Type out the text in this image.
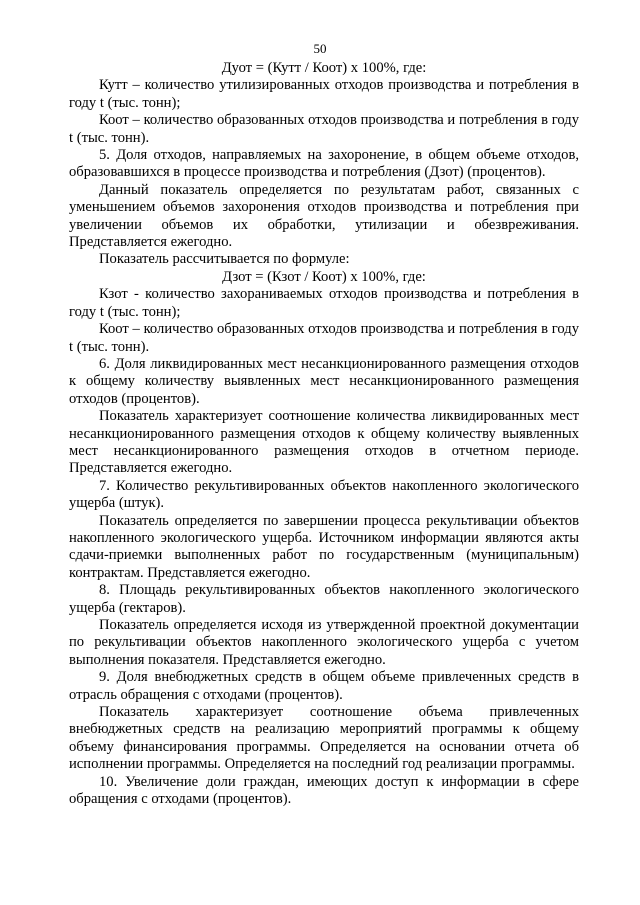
50

Дуот = (Кутт / Коот) x 100%, где:

Кутт – количество утилизированных отходов производства и потребления в году t (тыс. тонн);

Коот – количество образованных отходов производства и потребления в году t (тыс. тонн).

5. Доля отходов, направляемых на захоронение, в общем объеме отходов, образовавшихся в процессе производства и потребления (Дзот) (процентов).

Данный показатель определяется по результатам работ, связанных с уменьшением объемов захоронения отходов производства и потребления при увеличении объемов их обработки, утилизации и обезвреживания. Представляется ежегодно.

Показатель рассчитывается по формуле:

Дзот = (Кзот / Коот) x 100%, где:

Кзот - количество захораниваемых отходов производства и потребления в году t (тыс. тонн);

Коот – количество образованных отходов производства и потребления в году t (тыс. тонн).

6. Доля ликвидированных мест несанкционированного размещения отходов к общему количеству выявленных мест несанкционированного размещения отходов (процентов).

Показатель характеризует соотношение количества ликвидированных мест несанкционированного размещения отходов к общему количеству выявленных мест несанкционированного размещения отходов в отчетном периоде. Представляется ежегодно.

7. Количество рекультивированных объектов накопленного экологического ущерба (штук).

Показатель определяется по завершении процесса рекультивации объектов накопленного экологического ущерба. Источником информации являются акты сдачи-приемки выполненных работ по государственным (муниципальным) контрактам. Представляется ежегодно.

8. Площадь рекультивированных объектов накопленного экологического ущерба (гектаров).

Показатель определяется исходя из утвержденной проектной документации по рекультивации объектов накопленного экологического ущерба с учетом выполнения показателя. Представляется ежегодно.

9. Доля внебюджетных средств в общем объеме привлеченных средств в отрасль обращения с отходами (процентов).

Показатель характеризует соотношение объема привлеченных внебюджетных средств на реализацию мероприятий программы к общему объему финансирования программы. Определяется на основании отчета об исполнении программы. Определяется на последний год реализации программы.

10. Увеличение доли граждан, имеющих доступ к информации в сфере обращения с отходами (процентов).
